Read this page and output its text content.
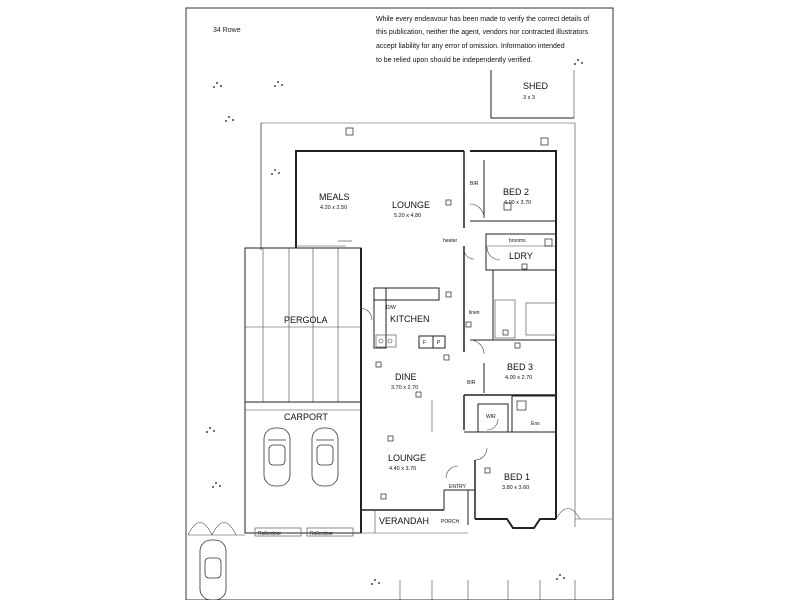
34 Rowe
While every endeavour has been made to verify the correct details of
this publication, neither the agent, vendors nor contracted illustrators
accept liability for any error of omission. Information intended
to be relied upon should be independently verified.
SHED
3 x 3
F P
D/W
Rollerdoor	Rollerdoor
MEALS
4.20 x 2.50	LOUNGE
5.20 x 4.80
BIR
BED 2
4.00 x 3.70
heater	brooms
LDRY
PERGOLA	KITCHEN
linen
BED 3
4.00 x 2.70
BIR
DINE
3.70 x 2.70
WIR
Ens
CARPORT
LOUNGE
4.40 x 3.70
BED 1
3.80 x 3.60
ENTRY
VERANDAH PORCH
